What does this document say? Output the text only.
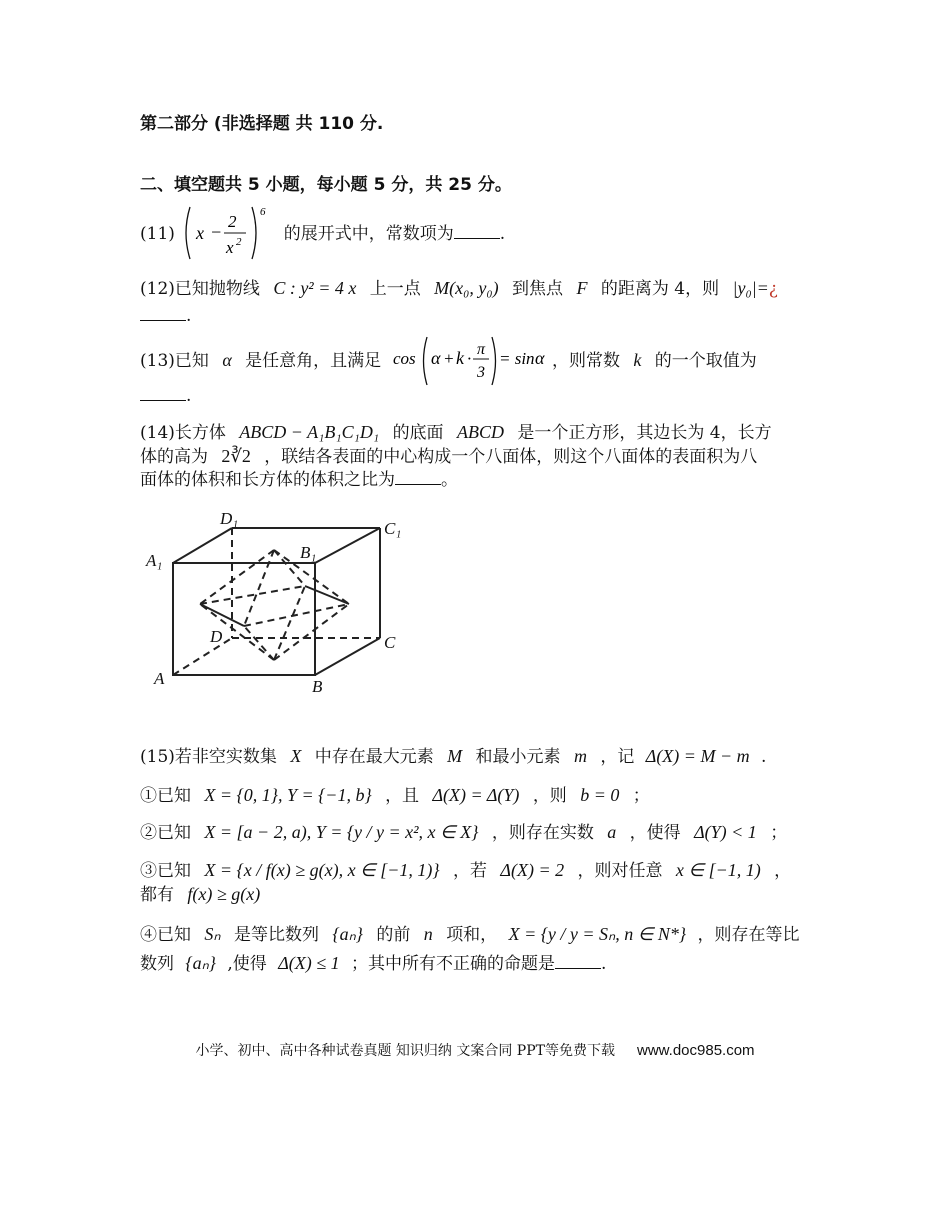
第二部分 (非选择题 共 110 分.
二、填空题共 5 小题，每小题 5 分，共 25 分。
(11) x −
2
x 2
6
的展开式中，常数项为	.
(12)已知抛物线 C : y² = 4 x 上一点 M(x₀, y₀) 到焦点 F 的距离为 4，则 |y₀|=¿
.
(13)已知 α 是任意角，且满足 cos α + k · π
3
= sin α ，则常数 k 的一个取值为
.
(14)长方体 ABCD − A₁B₁C₁D₁ 的底面 ABCD 是一个正方形，其边长为 4，长方
体的高为 2∛2 ，联结各表面的中心构成一个八面体，则这个八面体的表面积为八
面体的体积和长方体的体积之比为	。
D₁
C₁
A₁	B₁
D	C
A	B
(15)若非空实数集 X 中存在最大元素 M 和最小元素 m ，记 Δ(X) = M − m .
①已知 X = {0, 1}, Y = {−1, b} ，且 Δ(X) = Δ(Y) ，则 b = 0 ；
②已知 X = [a − 2, a), Y = {y / y = x², x ∈ X} ，则存在实数 a ，使得 Δ(Y) < 1 ；
③已知 X = {x / f(x) ≥ g(x), x ∈ [−1, 1)} ，若 Δ(X) = 2 ，则对任意 x ∈ [−1, 1) ，
都有 f(x) ≥ g(x)
④已知 Sₙ 是等比数列 {aₙ} 的前 n 项和， X = {y / y = Sₙ, n ∈ N*} ，则存在等比
数列 {aₙ} ,使得 Δ(X) ≤ 1 ；其中所有不正确的命题是	.
小学、初中、高中各种试卷真题 知识归纳 文案合同 PPT等免费下载 www.doc985.com
